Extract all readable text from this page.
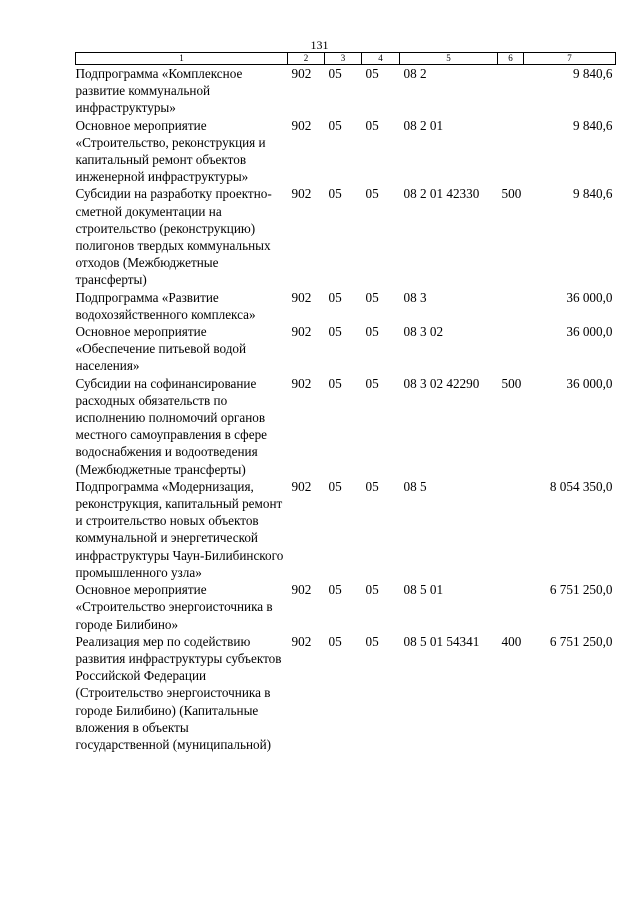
131
1	2	3	4	5	6	7
Подпрограмма «Комплексное развитие коммунальной инфраструктуры»	902	05	05	08 2		9 840,6
Основное мероприятие «Строительство, реконструкция и капитальный ремонт объектов инженерной инфраструктуры»	902	05	05	08 2 01		9 840,6
Субсидии на разработку проектно-сметной документации на строительство (реконструкцию) полигонов твердых коммунальных отходов (Межбюджетные трансферты)	902	05	05	08 2 01 42330	500	9 840,6
Подпрограмма «Развитие водохозяйственного комплекса»	902	05	05	08 3		36 000,0
Основное мероприятие «Обеспечение питьевой водой населения»	902	05	05	08 3 02		36 000,0
Субсидии на софинансирование расходных обязательств по исполнению полномочий органов местного самоуправления в сфере водоснабжения и водоотведения (Межбюджетные трансферты)	902	05	05	08 3 02 42290	500	36 000,0
Подпрограмма «Модернизация, реконструкция, капитальный ремонт и строительство новых объектов коммунальной и энергетической инфраструктуры Чаун-Билибинского промышленного узла»	902	05	05	08 5		8 054 350,0
Основное мероприятие «Строительство энергоисточника в городе Билибино»	902	05	05	08 5 01		6 751 250,0
Реализация мер по содействию развития инфраструктуры субъектов Российской Федерации (Строительство энергоисточника в городе Билибино) (Капитальные вложения в объекты государственной (муниципальной)	902	05	05	08 5 01 54341	400	6 751 250,0
